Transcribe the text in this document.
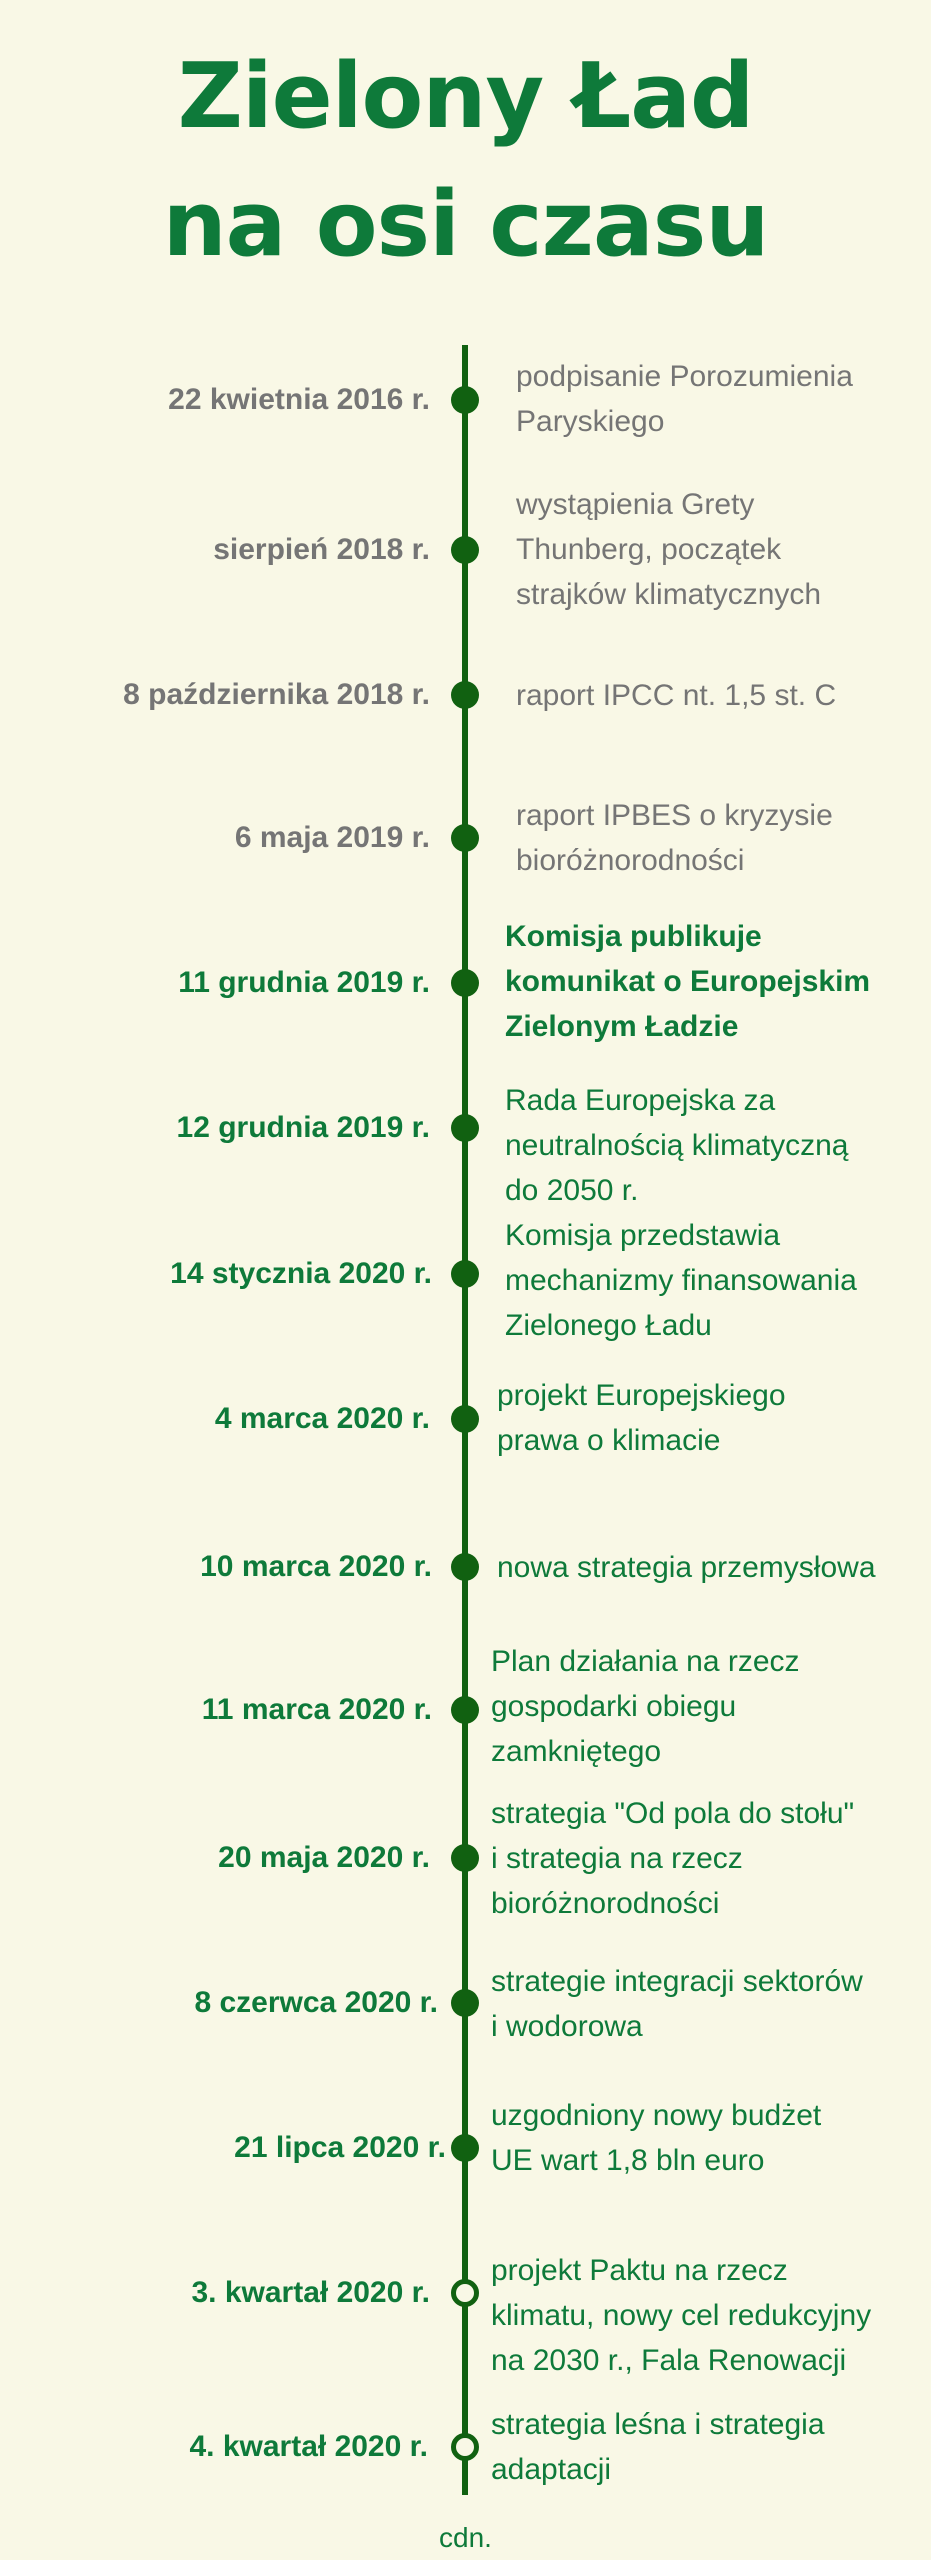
Zielony Ład
na osi czasu
22 kwietnia 2016 r.
podpisanie Porozumienia
Paryskiego
sierpień 2018 r.
wystąpienia Grety
Thunberg, początek
strajków klimatycznych
8 października 2018 r.	raport IPCC nt. 1,5 st. C
6 maja 2019 r.
raport IPBES o kryzysie
bioróżnorodności
11 grudnia 2019 r.
Komisja publikuje
komunikat o Europejskim
Zielonym Ładzie
12 grudnia 2019 r.
Rada Europejska za
neutralnością klimatyczną
do 2050 r.
14 stycznia 2020 r.
Komisja przedstawia
mechanizmy finansowania
Zielonego Ładu
4 marca 2020 r.
projekt Europejskiego
prawa o klimacie
10 marca 2020 r. nowa strategia przemysłowa
11 marca 2020 r.
Plan działania na rzecz
gospodarki obiegu
zamkniętego
20 maja 2020 r.
strategia "Od pola do stołu"
i strategia na rzecz
bioróżnorodności
8 czerwca 2020 r.
strategie integracji sektorów
i wodorowa
21 lipca 2020 r.
uzgodniony nowy budżet
UE wart 1,8 bln euro
3. kwartał 2020 r.
projekt Paktu na rzecz
klimatu, nowy cel redukcyjny
na 2030 r., Fala Renowacji
4. kwartał 2020 r.
strategia leśna i strategia
adaptacji
cdn.
